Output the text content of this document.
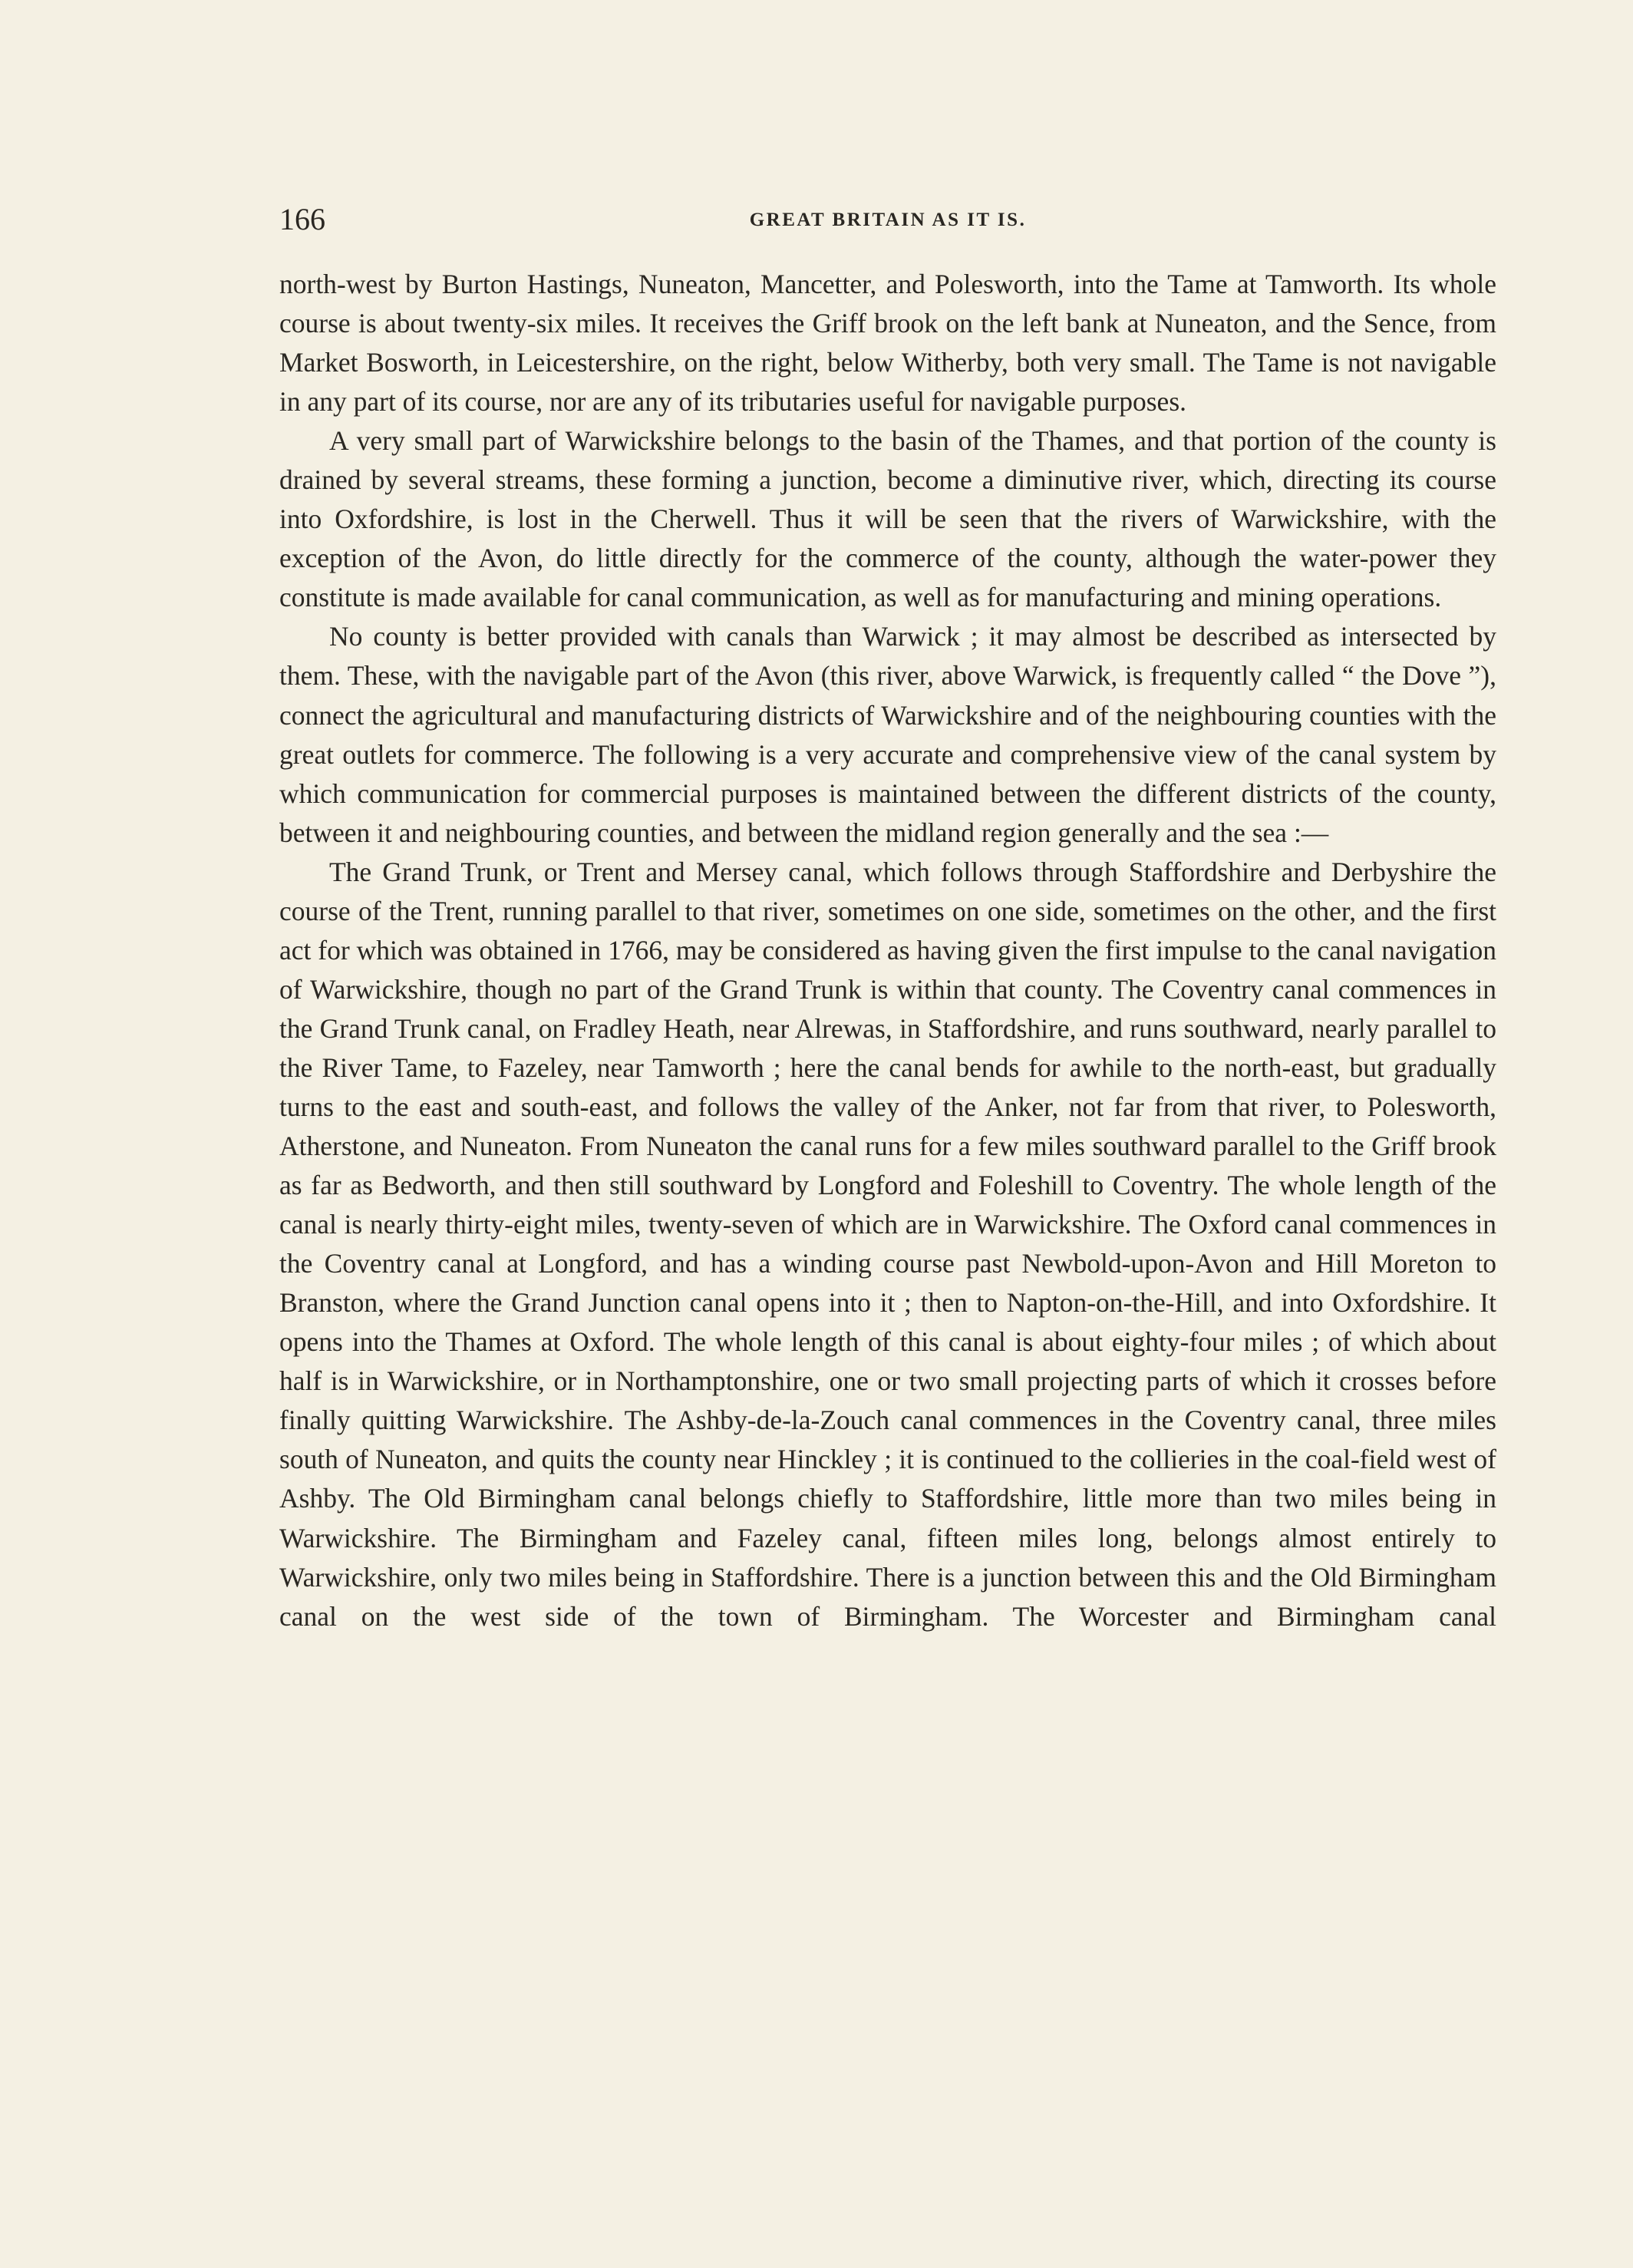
166	GREAT BRITAIN AS IT IS.

north-west by Burton Hastings, Nuneaton, Mancetter, and Polesworth, into the Tame at Tamworth. Its whole course is about twenty-six miles. It receives the Griff brook on the left bank at Nuneaton, and the Sence, from Market Bosworth, in Leicestershire, on the right, below Witherby, both very small. The Tame is not navigable in any part of its course, nor are any of its tributaries useful for navigable purposes.

A very small part of Warwickshire belongs to the basin of the Thames, and that portion of the county is drained by several streams, these forming a junction, become a diminutive river, which, directing its course into Oxfordshire, is lost in the Cherwell. Thus it will be seen that the rivers of Warwickshire, with the exception of the Avon, do little directly for the commerce of the county, although the water-power they constitute is made available for canal communication, as well as for manufacturing and mining operations.

No county is better provided with canals than Warwick ; it may almost be described as intersected by them. These, with the navigable part of the Avon (this river, above Warwick, is frequently called “ the Dove ”), connect the agricultural and manufacturing districts of Warwickshire and of the neighbouring counties with the great outlets for commerce. The following is a very accurate and comprehensive view of the canal system by which communication for commercial purposes is maintained between the different districts of the county, between it and neighbouring counties, and between the midland region generally and the sea :—

The Grand Trunk, or Trent and Mersey canal, which follows through Staffordshire and Derbyshire the course of the Trent, running parallel to that river, sometimes on one side, sometimes on the other, and the first act for which was obtained in 1766, may be considered as having given the first impulse to the canal navigation of Warwickshire, though no part of the Grand Trunk is within that county. The Coventry canal commences in the Grand Trunk canal, on Fradley Heath, near Alrewas, in Staffordshire, and runs southward, nearly parallel to the River Tame, to Fazeley, near Tamworth ; here the canal bends for awhile to the north-east, but gradually turns to the east and south-east, and follows the valley of the Anker, not far from that river, to Polesworth, Atherstone, and Nuneaton. From Nuneaton the canal runs for a few miles southward parallel to the Griff brook as far as Bedworth, and then still southward by Longford and Foleshill to Coventry. The whole length of the canal is nearly thirty-eight miles, twenty-seven of which are in Warwickshire. The Oxford canal commences in the Coventry canal at Longford, and has a winding course past Newbold-upon-Avon and Hill Moreton to Branston, where the Grand Junction canal opens into it ; then to Napton-on-the-Hill, and into Oxfordshire. It opens into the Thames at Oxford. The whole length of this canal is about eighty-four miles ; of which about half is in Warwickshire, or in Northamptonshire, one or two small projecting parts of which it crosses before finally quitting Warwickshire. The Ashby-de-la-Zouch canal commences in the Coventry canal, three miles south of Nuneaton, and quits the county near Hinckley ; it is continued to the collieries in the coal-field west of Ashby. The Old Birmingham canal belongs chiefly to Staffordshire, little more than two miles being in Warwickshire. The Birmingham and Fazeley canal, fifteen miles long, belongs almost entirely to Warwickshire, only two miles being in Staffordshire. There is a junction between this and the Old Birmingham canal on the west side of the town of Birmingham. The Worcester and Birmingham canal
